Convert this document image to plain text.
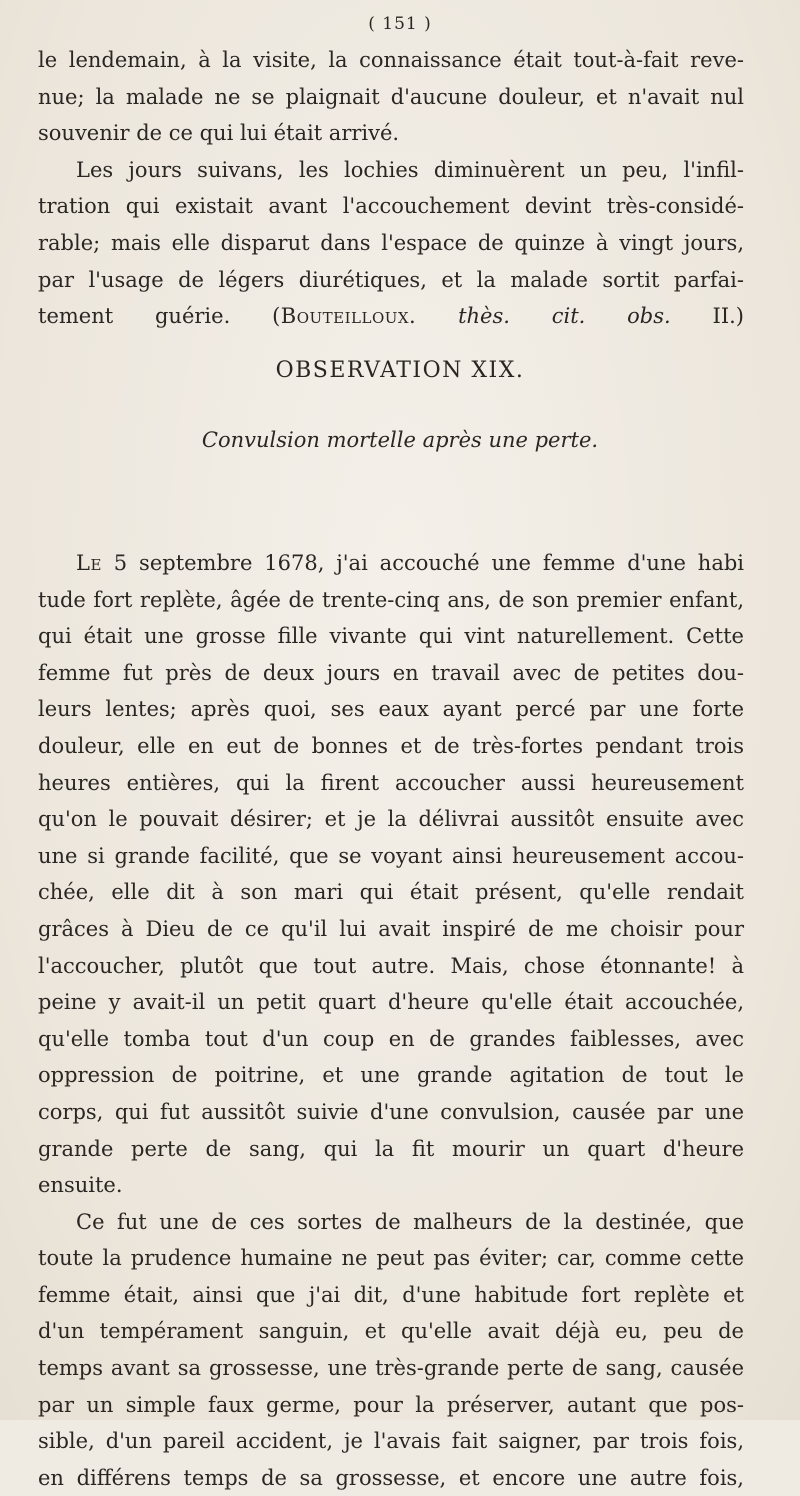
( 151 )
le lendemain, à la visite, la connaissance était tout-à-fait reve-
nue; la malade ne se plaignait d'aucune douleur, et n'avait nul
souvenir de ce qui lui était arrivé.
Les jours suivans, les lochies diminuèrent un peu, l'infil-
tration qui existait avant l'accouchement devint très-considé-
rable; mais elle disparut dans l'espace de quinze à vingt jours,
par l'usage de légers diurétiques, et la malade sortit parfai-
tement guérie. (Bouteilloux. thès. cit. obs. II.)
OBSERVATION XIX.
Convulsion mortelle après une perte.
Le 5 septembre 1678, j'ai accouché une femme d'une habi
tude fort replète, âgée de trente-cinq ans, de son premier enfant,
qui était une grosse fille vivante qui vint naturellement. Cette
femme fut près de deux jours en travail avec de petites dou-
leurs lentes; après quoi, ses eaux ayant percé par une forte
douleur, elle en eut de bonnes et de très-fortes pendant trois
heures entières, qui la firent accoucher aussi heureusement
qu'on le pouvait désirer; et je la délivrai aussitôt ensuite avec
une si grande facilité, que se voyant ainsi heureusement accou-
chée, elle dit à son mari qui était présent, qu'elle rendait
grâces à Dieu de ce qu'il lui avait inspiré de me choisir pour
l'accoucher, plutôt que tout autre. Mais, chose étonnante! à
peine y avait-il un petit quart d'heure qu'elle était accouchée,
qu'elle tomba tout d'un coup en de grandes faiblesses, avec
oppression de poitrine, et une grande agitation de tout le
corps, qui fut aussitôt suivie d'une convulsion, causée par une
grande perte de sang, qui la fit mourir un quart d'heure
ensuite.
Ce fut une de ces sortes de malheurs de la destinée, que
toute la prudence humaine ne peut pas éviter; car, comme cette
femme était, ainsi que j'ai dit, d'une habitude fort replète et
d'un tempérament sanguin, et qu'elle avait déjà eu, peu de
temps avant sa grossesse, une très-grande perte de sang, causée
par un simple faux germe, pour la préserver, autant que pos-
sible, d'un pareil accident, je l'avais fait saigner, par trois fois,
en différens temps de sa grossesse, et encore une autre fois,
